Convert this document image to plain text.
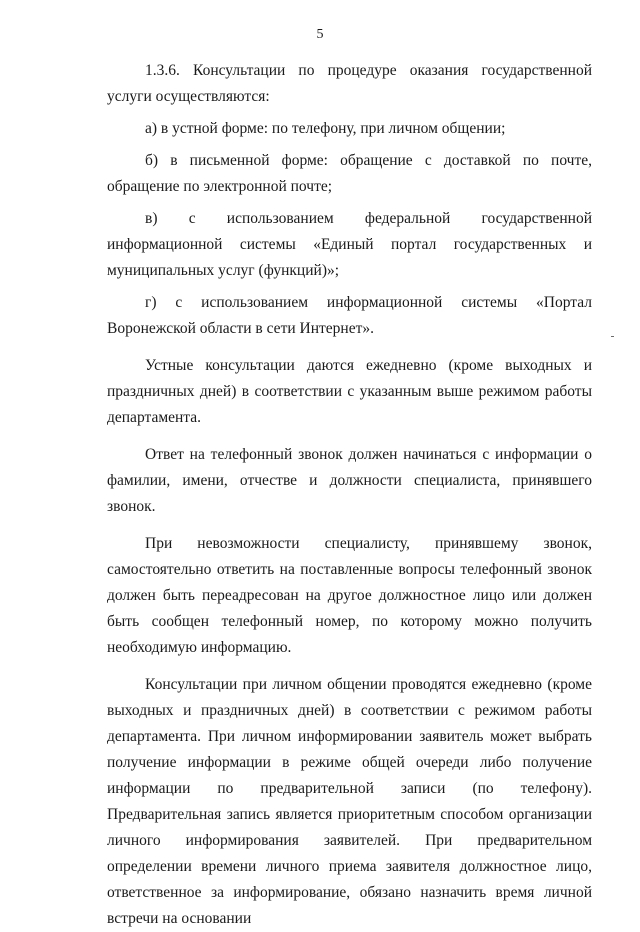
5

1.3.6. Консультации по процедуре оказания государственной услуги осуществляются:

а) в устной форме: по телефону, при личном общении;

б) в письменной форме: обращение с доставкой по почте, обращение по электронной почте;

в) с использованием федеральной государственной информационной системы «Единый портал государственных и муниципальных услуг (функций)»;

г) с использованием информационной системы «Портал Воронежской области в сети Интернет».

Устные консультации даются ежедневно (кроме выходных и праздничных дней) в соответствии с указанным выше режимом работы департамента.

Ответ на телефонный звонок должен начинаться с информации о фамилии, имени, отчестве и должности специалиста, принявшего звонок.

При невозможности специалисту, принявшему звонок, самостоятельно ответить на поставленные вопросы телефонный звонок должен быть переадресован на другое должностное лицо или должен быть сообщен телефонный номер, по которому можно получить необходимую информацию.

Консультации при личном общении проводятся ежедневно (кроме выходных и праздничных дней) в соответствии с режимом работы департамента. При личном информировании заявитель может выбрать получение информации в режиме общей очереди либо получение информации по предварительной записи (по телефону). Предварительная запись является приоритетным способом организации личного информирования заявителей. При предварительном определении времени личного приема заявителя должностное лицо, ответственное за информирование, обязано назначить время личной встречи на основании
